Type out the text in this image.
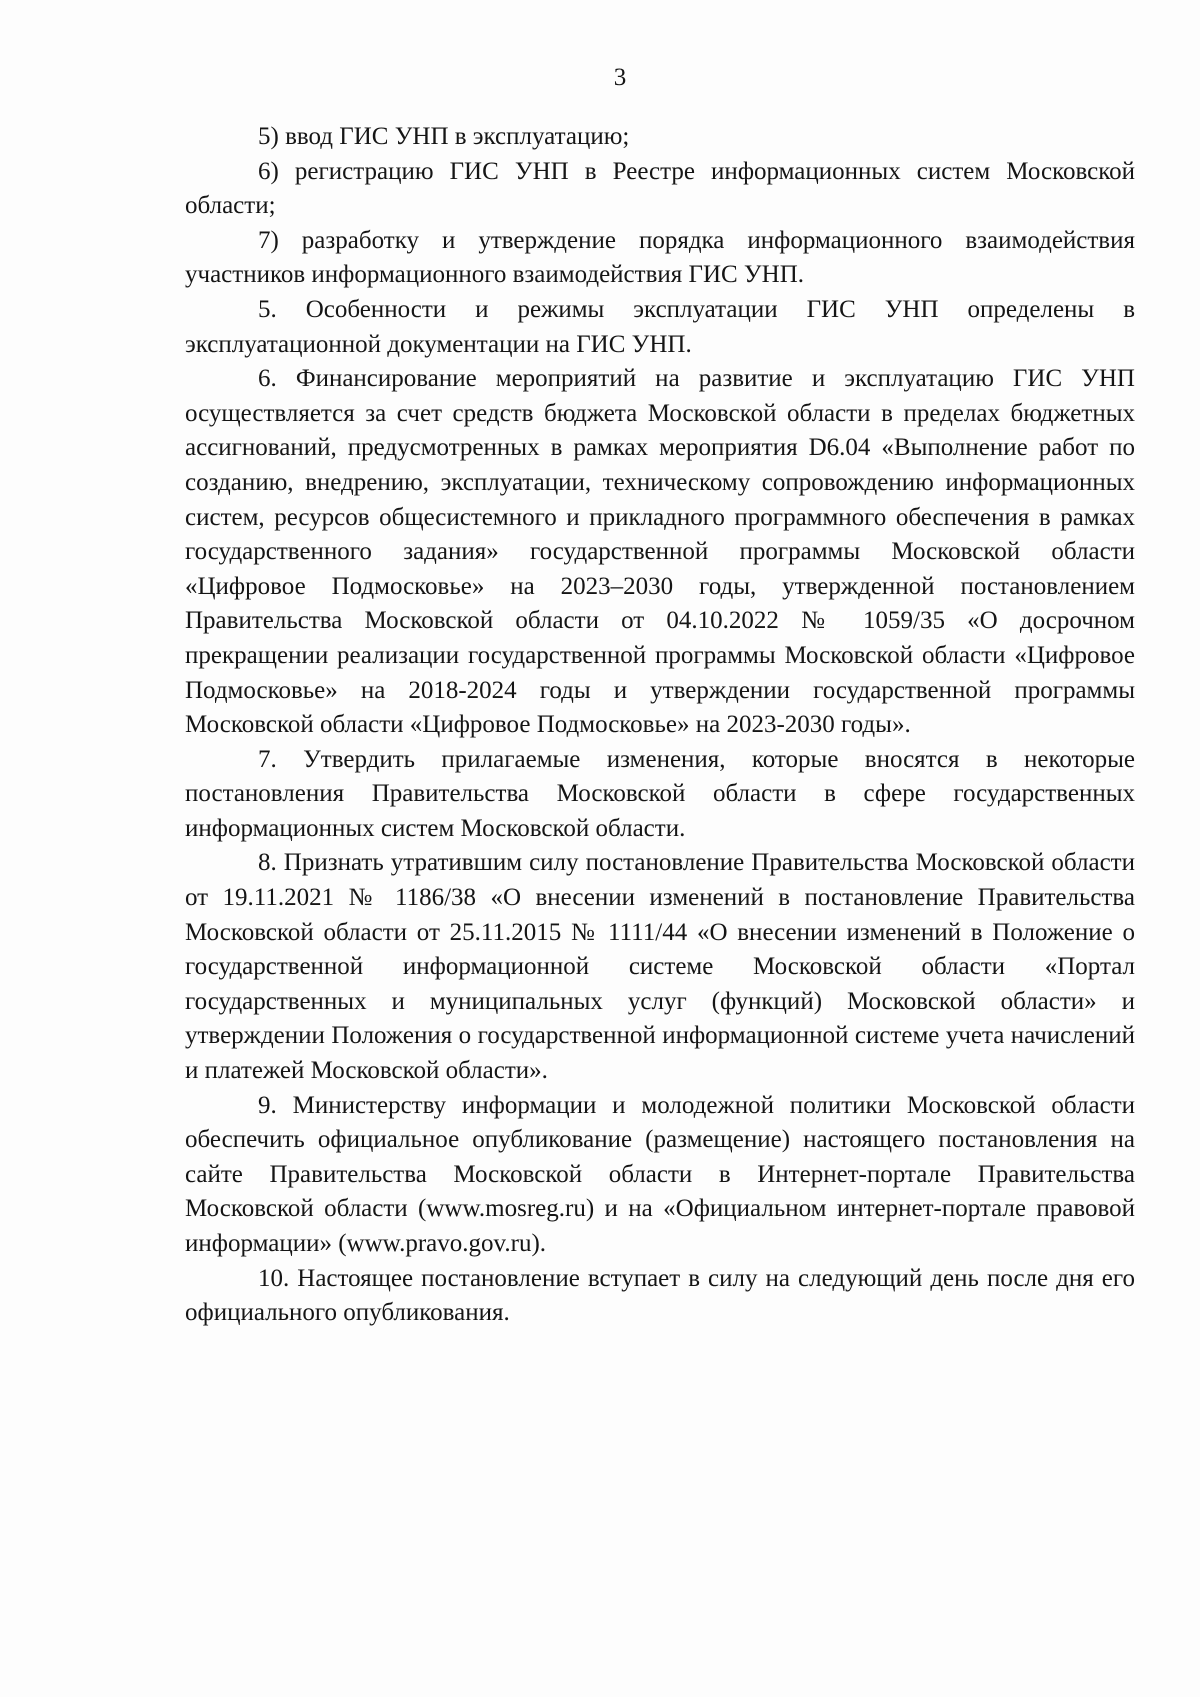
3

5) ввод ГИС УНП в эксплуатацию;

6) регистрацию ГИС УНП в Реестре информационных систем Московской области;

7) разработку и утверждение порядка информационного взаимодействия участников информационного взаимодействия ГИС УНП.

5. Особенности и режимы эксплуатации ГИС УНП определены в эксплуатационной документации на ГИС УНП.

6. Финансирование мероприятий на развитие и эксплуатацию ГИС УНП осуществляется за счет средств бюджета Московской области в пределах бюджетных ассигнований, предусмотренных в рамках мероприятия D6.04 «Выполнение работ по созданию, внедрению, эксплуатации, техническому сопровождению информационных систем, ресурсов общесистемного и прикладного программного обеспечения в рамках государственного задания» государственной программы Московской области «Цифровое Подмосковье» на 2023–2030 годы, утвержденной постановлением Правительства Московской области от 04.10.2022 № 1059/35 «О досрочном прекращении реализации государственной программы Московской области «Цифровое Подмосковье» на 2018-2024 годы и утверждении государственной программы Московской области «Цифровое Подмосковье» на 2023-2030 годы».

7. Утвердить прилагаемые изменения, которые вносятся в некоторые постановления Правительства Московской области в сфере государственных информационных систем Московской области.

8. Признать утратившим силу постановление Правительства Московской области от 19.11.2021 № 1186/38 «О внесении изменений в постановление Правительства Московской области от 25.11.2015 № 1111/44 «О внесении изменений в Положение о государственной информационной системе Московской области «Портал государственных и муниципальных услуг (функций) Московской области» и утверждении Положения о государственной информационной системе учета начислений и платежей Московской области».

9. Министерству информации и молодежной политики Московской области обеспечить официальное опубликование (размещение) настоящего постановления на сайте Правительства Московской области в Интернет-портале Правительства Московской области (www.mosreg.ru) и на «Официальном интернет-портале правовой информации» (www.pravo.gov.ru).

10. Настоящее постановление вступает в силу на следующий день после дня его официального опубликования.
